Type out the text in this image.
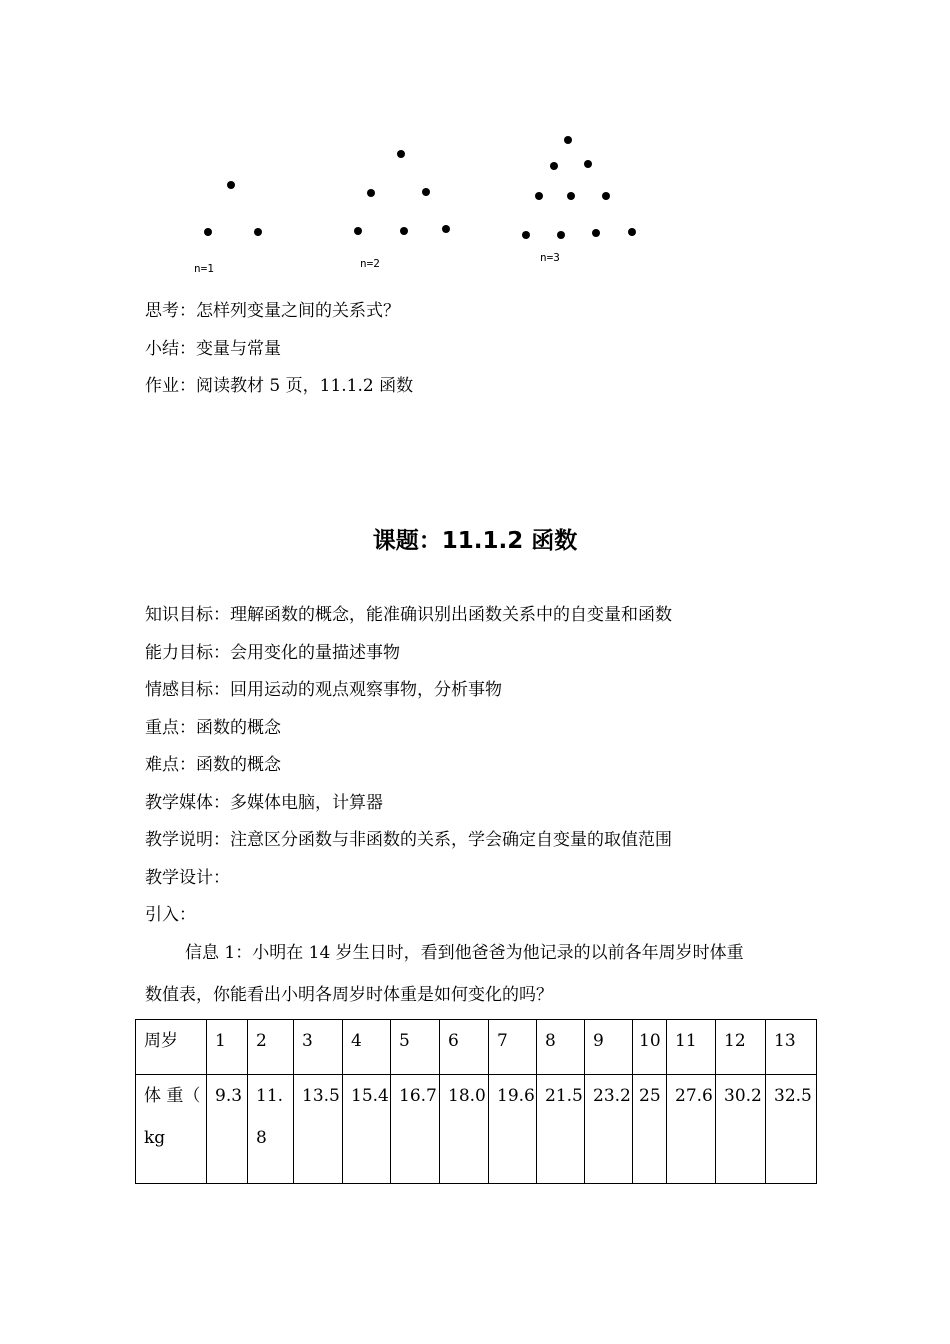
n=1	n=2	n=3
思考：怎样列变量之间的关系式？
小结：变量与常量
作业：阅读教材 5 页，11.1.2 函数
课题：11.1.2 函数
知识目标：理解函数的概念，能准确识别出函数关系中的自变量和函数
能力目标：会用变化的量描述事物
情感目标：回用运动的观点观察事物，分析事物
重点：函数的概念
难点：函数的概念
教学媒体：多媒体电脑，计算器
教学说明：注意区分函数与非函数的关系，学会确定自变量的取值范围
教学设计：
引入：
信息 1：小明在 14 岁生日时，看到他爸爸为他记录的以前各年周岁时体重
数值表，你能看出小明各周岁时体重是如何变化的吗？
周岁	1	2	3	4	5	6	7	8	9	10	11	12	13
体 重（ kg	9.3	11.8	13.5	15.4	16.7	18.0	19.6	21.5	23.2	25	27.6	30.2	32.5
